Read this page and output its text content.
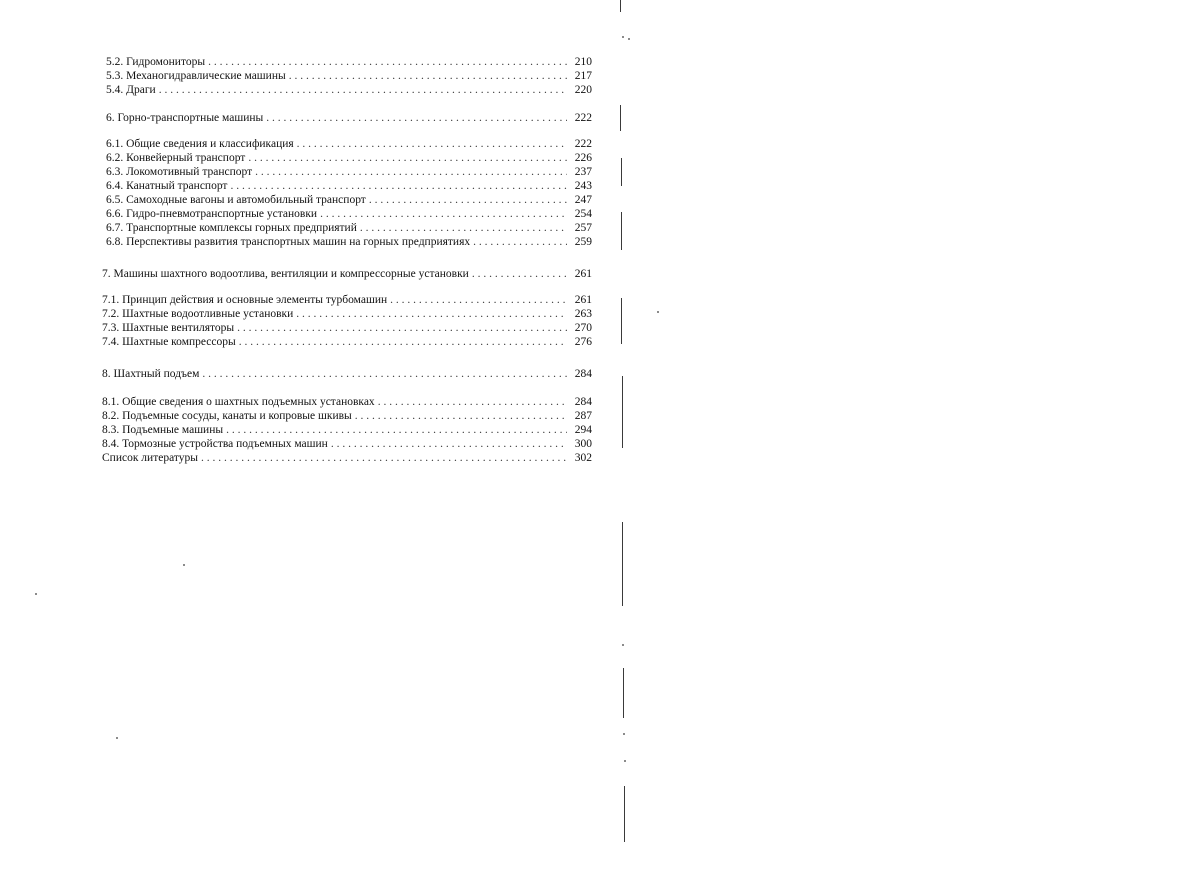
5.2. Гидромониторы . . .	210
5.3. Механогидравлические машины . . .	217
5.4. Драги . . .	220
6. Горно-транспортные машины . . .	222
6.1. Общие сведения и классификация . . .	222
6.2. Конвейерный транспорт . . .	226
6.3. Локомотивный транспорт . . .	237
6.4. Канатный транспорт . . .	243
6.5. Самоходные вагоны и автомобильный транспорт . . .	247
6.6. Гидро-пневмотранспортные установки . . .	254
6.7. Транспортные комплексы горных предприятий . . .	257
6.8. Перспективы развития транспортных машин на горных предприятиях . . .	259
7. Машины шахтного водоотлива, вентиляции и компрессорные установки . . .	261
7.1. Принцип действия и основные элементы турбомашин . . .	261
7.2. Шахтные водоотливные установки . . .	263
7.3. Шахтные вентиляторы . . .	270
7.4. Шахтные компрессоры . . .	276
8. Шахтный подъем . . .	284
8.1. Общие сведения о шахтных подъемных установках . . .	284
8.2. Подъемные сосуды, канаты и копровые шкивы . . .	287
8.3. Подъемные машины . . .	294
8.4. Тормозные устройства подъемных машин . . .	300
Список литературы . . .	302
